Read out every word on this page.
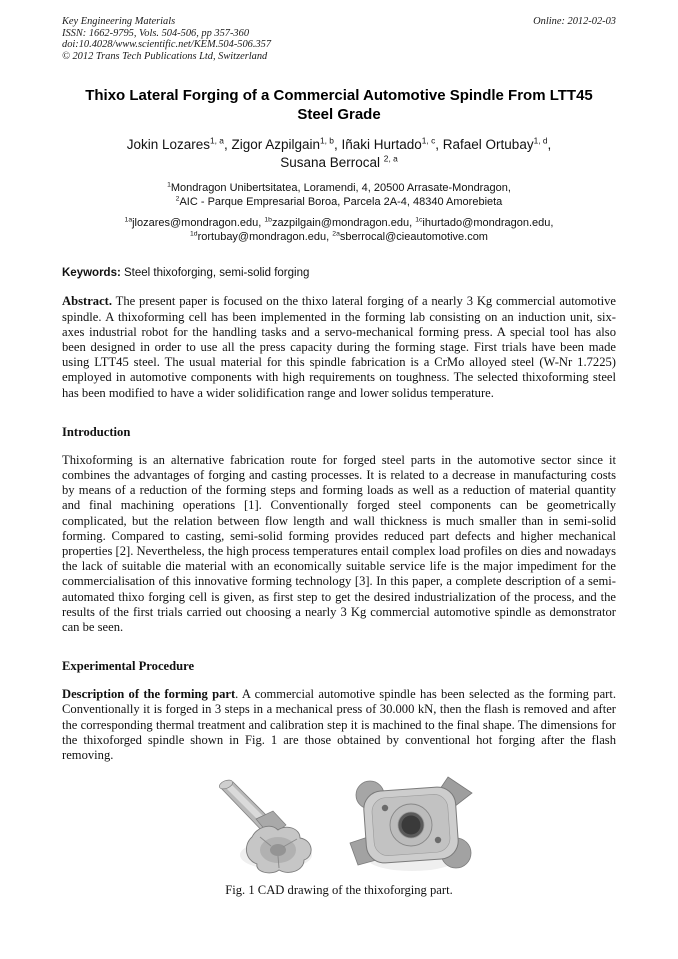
Key Engineering Materials
ISSN: 1662-9795, Vols. 504-506, pp 357-360
doi:10.4028/www.scientific.net/KEM.504-506.357
© 2012 Trans Tech Publications Ltd, Switzerland
Online: 2012-02-03
Thixo Lateral Forging of a Commercial Automotive Spindle From LTT45 Steel Grade
Jokin Lozares$^{1, a}$, Zigor Azpilgain$^{1, b}$, Iñaki Hurtado$^{1, c}$, Rafael Ortubay$^{1, d}$,
Susana Berrocal $^{2, a}$
$^1$Mondragon Unibertsitatea, Loramendi, 4, 20500 Arrasate-Mondragon,
$^2$AIC - Parque Empresarial Boroa, Parcela 2A-4, 48340 Amorebieta
$^{1a}$jlozares@mondragon.edu, $^{1b}$zazpilgain@mondragon.edu, $^{1c}$ihurtado@mondragon.edu,
$^{1d}$rortubay@mondragon.edu, $^{2a}$sberrocal@cieautomotive.com
Keywords: Steel thixoforging, semi-solid forging
Abstract. The present paper is focused on the thixo lateral forging of a nearly 3 Kg commercial automotive spindle. A thixoforming cell has been implemented in the forming lab consisting on an induction unit, six-axes industrial robot for the handling tasks and a servo-mechanical forming press. A special tool has also been designed in order to use all the press capacity during the forming stage. First trials have been made using LTT45 steel. The usual material for this spindle fabrication is a CrMo alloyed steel (W-Nr 1.7225) employed in automotive components with high requirements on toughness. The selected thixoforming steel has been modified to have a wider solidification range and lower solidus temperature.
Introduction
Thixoforming is an alternative fabrication route for forged steel parts in the automotive sector since it combines the advantages of forging and casting processes. It is related to a decrease in manufacturing costs by means of a reduction of the forming steps and forming loads as well as a reduction of material quantity and final machining operations [1]. Conventionally forged steel components can be geometrically complicated, but the relation between flow length and wall thickness is much smaller than in semi-solid forming. Compared to casting, semi-solid forming provides reduced part defects and higher mechanical properties [2]. Nevertheless, the high process temperatures entail complex load profiles on dies and nowadays the lack of suitable die material with an economically suitable service life is the major impediment for the commercialisation of this innovative forming technology [3]. In this paper, a complete description of a semi-automated thixo forging cell is given, as first step to get the desired industrialization of the process, and the results of the first trials carried out choosing a nearly 3 Kg commercial automotive spindle as demonstrator can be seen.
Experimental Procedure
Description of the forming part. A commercial automotive spindle has been selected as the forming part. Conventionally it is forged in 3 steps in a mechanical press of 30.000 kN, then the flash is removed and after the corresponding thermal treatment and calibration step it is machined to the final shape. The dimensions for the thixoforged spindle shown in Fig. 1 are those obtained by conventional hot forging after the flash removing.
Fig. 1 CAD drawing of the thixoforging part.
